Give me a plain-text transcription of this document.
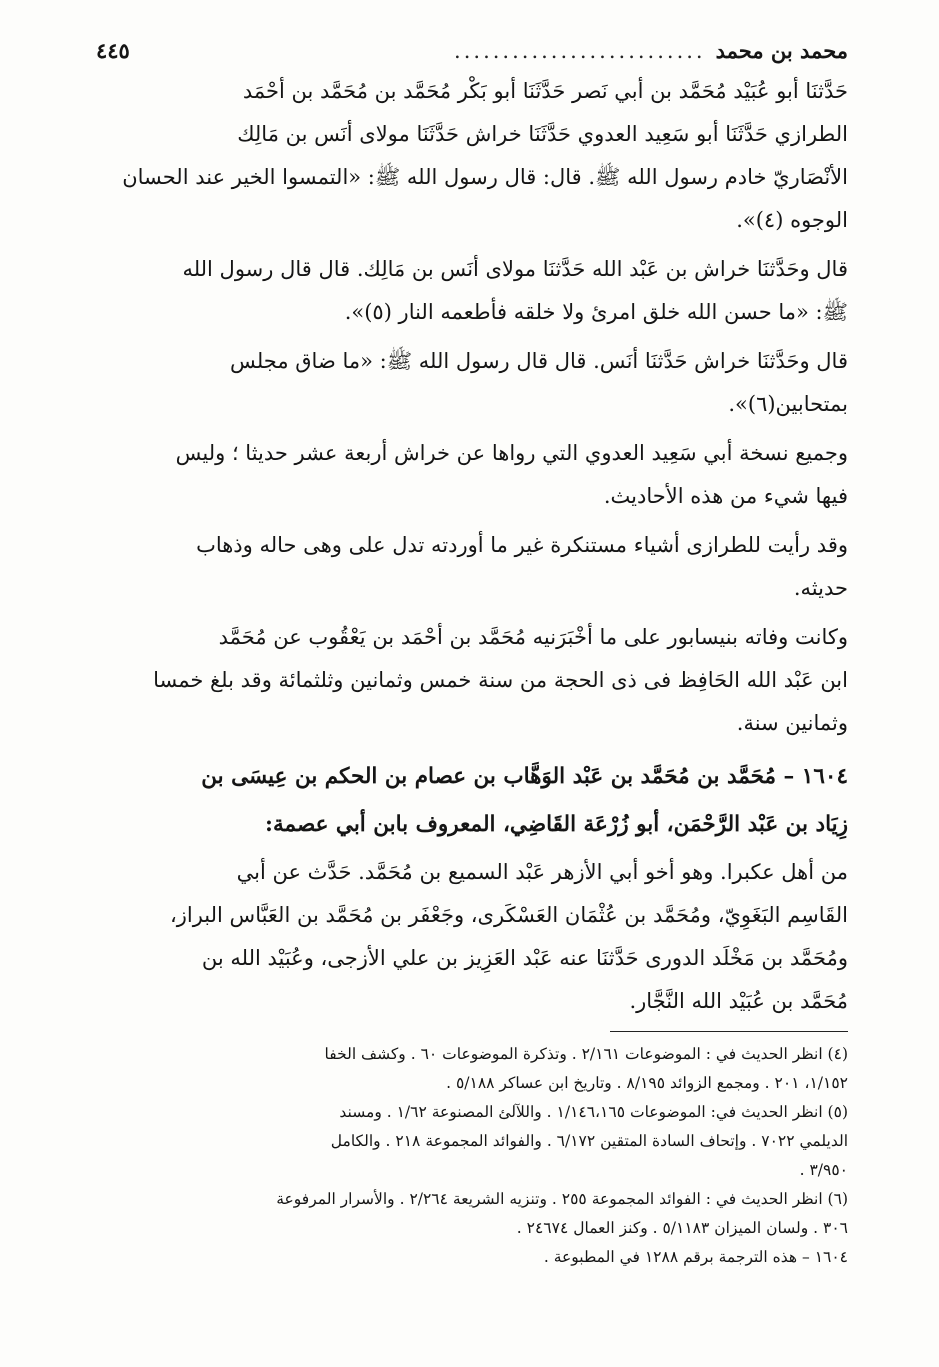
محمد بن محمد
..........................
٤٤٥

حَدَّثنَا أبو عُبَيْد مُحَمَّد بن أبي نَصر حَدَّثَنَا أبو بَكْر مُحَمَّد بن مُحَمَّد بن أحْمَد

الطرازي حَدَّثَنَا أبو سَعِيد العدوي حَدَّثَنَا خراش حَدَّثَنَا مولاى أنَس بن مَالِك

الأنْصَاريّ خادم رسول الله ﷺ. قال: قال رسول الله ﷺ: «التمسوا الخير عند الحسان

الوجوه (٤)».

قال وحَدَّثنَا خراش بن عَبْد الله حَدَّثنَا مولاى أنَس بن مَالِك. قال قال رسول الله

ﷺ: «ما حسن الله خلق امرئ ولا خلقه فأطعمه النار (٥)».

قال وحَدَّثنَا خراش حَدَّثنَا أنَس. قال قال رسول الله ﷺ: «ما ضاق مجلس

بمتحابين(٦)».

وجميع نسخة أبي سَعِيد العدوي التي رواها عن خراش أربعة عشر حديثا ؛ وليس

فيها شيء من هذه الأحاديث.

وقد رأيت للطرازى أشياء مستنكرة غير ما أوردته تدل على وهى حاله وذهاب

حديثه.

وكانت وفاته بنيسابور على ما أخْبَرَنيه مُحَمَّد بن أحْمَد بن يَعْقُوب عن مُحَمَّد

ابن عَبْد الله الحَافِظ فى ذى الحجة من سنة خمس وثمانين وثلثمائة وقد بلغ خمسا

وثمانين سنة.

١٦٠٤ – مُحَمَّد بن مُحَمَّد بن عَبْد الوَهَّاب بن عصام بن الحكم بن عِيسَى بن

زِيَاد بن عَبْد الرَّحْمَن، أبو زُرْعَة القَاضِي، المعروف بابن أبي عصمة:

من أهل عكبرا. وهو أخو أبي الأزهر عَبْد السميع بن مُحَمَّد. حَدَّث عن أبي

القَاسِم البَغَوِيّ، ومُحَمَّد بن عُثْمَان العَسْكَرى، وجَعْفَر بن مُحَمَّد بن العَبَّاس البراز،

ومُحَمَّد بن مَخْلَد الدورى حَدَّثنَا عنه عَبْد العَزِيز بن علي الأزجى، وعُبَيْد الله بن

مُحَمَّد بن عُبَيْد الله النَّجَّار.

(٤) انظر الحديث في : الموضوعات ٢/١٦١ . وتذكرة الموضوعات ٦٠ . وكشف الخفا

١/١٥٢، ٢٠١ . ومجمع الزوائد ٨/١٩٥ . وتاريخ ابن عساكر ٥/١٨٨ .

(٥) انظر الحديث في: الموضوعات ١/١٤٦،١٦٥ . واللآلئ المصنوعة ١/٦٢ . ومسند

الديلمي ٧٠٢٢ . وإتحاف السادة المتقين ٦/١٧٢ . والفوائد المجموعة ٢١٨ . والكامل

٣/٩٥٠ .

(٦) انظر الحديث في : الفوائد المجموعة ٢٥٥ . وتنزيه الشريعة ٢/٢٦٤ . والأسرار المرفوعة

٣٠٦ . ولسان الميزان ٥/١١٨٣ . وكنز العمال ٢٤٦٧٤ .

١٦٠٤ – هذه الترجمة برقم ١٢٨٨ في المطبوعة .
